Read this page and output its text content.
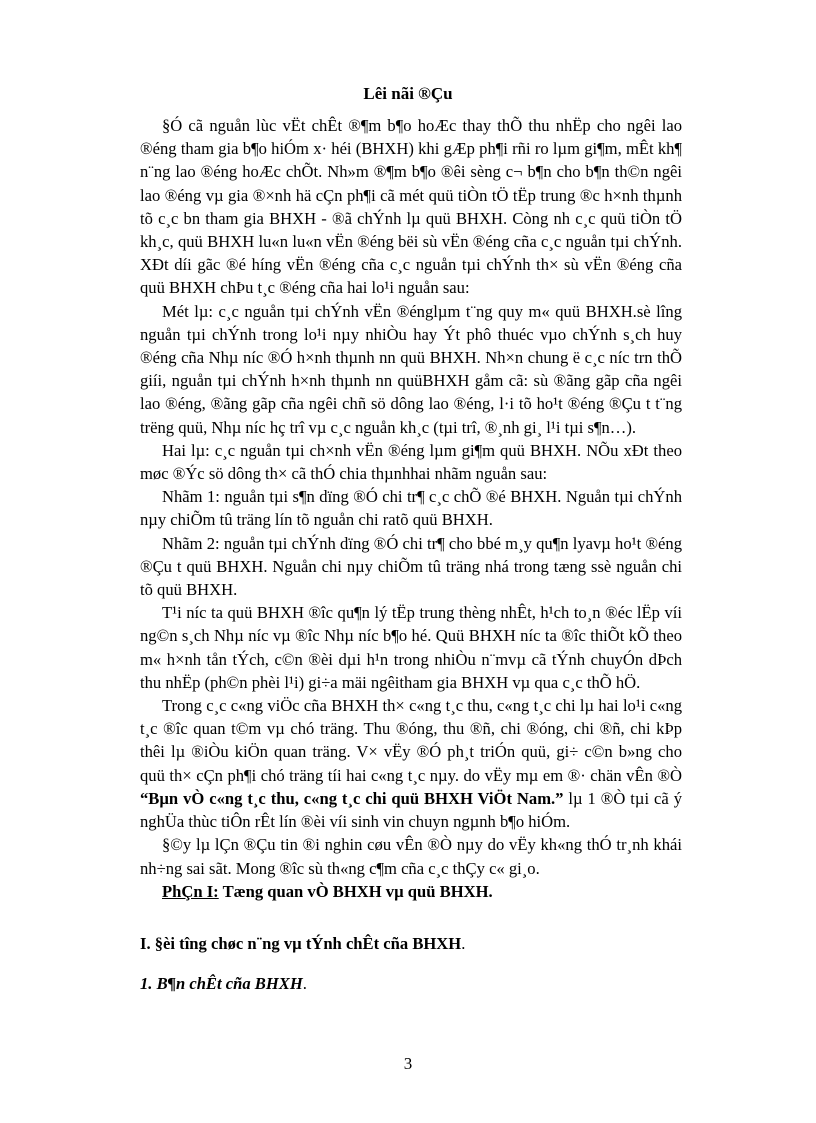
Lêi nãi ®Çu

§Ó cã nguån lùc vËt chÊt ®¶m b¶o hoÆc thay thÕ thu nhËp cho ngêi lao ®éng tham gia b¶o hiÓm x· héi (BHXH) khi gÆp ph¶i rñi ro lµm gi¶m, mÊt kh¶ n¨ng lao ®éng hoÆc chÕt. Nh»m ®¶m b¶o ®êi sèng c¬ b¶n cho b¶n th©n ngêi lao ®éng vµ gia ®×nh hä cÇn ph¶i cã mét quü tiÒn tÖ tËp trung ®c h×nh thµnh tõ c¸c bn tham gia BHXH - ®ã chÝnh lµ quü BHXH. Còng nh c¸c quü tiÒn tÖ kh¸c, quü BHXH lu«n lu«n vËn ®éng bëi sù vËn ®éng cña c¸c nguån tµi chÝnh. XÐt díi gãc ®é híng vËn ®éng cña c¸c nguån tµi chÝnh th× sù vËn ®éng cña quü BHXH chÞu t¸c ®éng cña hai lo¹i nguån sau:

Mét lµ: c¸c nguån tµi chÝnh vËn ®énglµm t¨ng quy m« quü BHXH.sè lîng nguån tµi chÝnh trong lo¹i nµy nhiÒu hay Ýt phô thuéc vµo chÝnh s¸ch huy ®éng cña Nhµ níc ®Ó h×nh thµnh nn quü BHXH. Nh×n chung ë c¸c níc trn thÕ giíi, nguån tµi chÝnh h×nh thµnh nn quüBHXH gåm cã: sù ®ãng gãp cña ngêi lao ®éng, ®ãng gãp cña ngêi chñ sö dông lao ®éng, l·i tõ ho¹t ®éng ®Çu t t¨ng trëng quü, Nhµ níc hç trî vµ c¸c nguån kh¸c (tµi trî, ®¸nh gi¸ l¹i tµi s¶n…).

Hai lµ: c¸c nguån tµi ch×nh vËn ®éng lµm gi¶m quü BHXH. NÕu xÐt theo møc ®Ýc sö dông th× cã thÓ chia thµnhhai nhãm nguån sau:

Nhãm 1: nguån tµi s¶n dïng ®Ó chi tr¶ c¸c chÕ ®é BHXH. Nguån tµi chÝnh nµy chiÕm tû träng lín tõ nguån chi ratõ quü BHXH.

Nhãm 2: nguån tµi chÝnh dïng ®Ó chi tr¶ cho bbé m¸y qu¶n lyavµ ho¹t ®éng ®Çu t quü BHXH. Nguån chi nµy chiÕm tû träng nhá trong tæng ssè nguån chi tõ quü BHXH.

T¹i níc ta quü BHXH ®îc qu¶n lý tËp trung thèng nhÊt, h¹ch to¸n ®éc lËp víi ng©n s¸ch Nhµ níc vµ ®îc Nhµ níc b¶o hé. Quü BHXH níc ta ®îc thiÕt kÕ theo m« h×nh tån tÝch, c©n ®èi dµi h¹n trong nhiÒu n¨mvµ cã tÝnh chuyÓn dÞch thu nhËp (ph©n phèi l¹i) gi÷a mäi ngêitham gia BHXH vµ qua c¸c thÕ hÖ.

Trong c¸c c«ng viÖc cña BHXH th× c«ng t¸c thu, c«ng t¸c chi lµ hai lo¹i c«ng t¸c ®îc quan t©m vµ chó träng. Thu ®óng, thu ®ñ, chi ®óng, chi ®ñ, chi kÞp thêi lµ ®iÒu kiÖn quan träng. V× vËy ®Ó ph¸t triÓn quü, gi÷ c©n b»ng cho quü th× cÇn ph¶i chó träng tíi hai c«ng t¸c nµy. do vËy mµ em ®· chän vÊn ®Ò “Bµn vÒ c«ng t¸c thu, c«ng t¸c chi quü BHXH ViÖt Nam.” lµ 1 ®Ò tµi cã ý nghÜa thùc tiÔn rÊt lín ®èi víi sinh vin chuyn ngµnh b¶o hiÓm.

§©y lµ lÇn ®Çu tin ®i nghin cøu vÊn ®Ò nµy do vËy kh«ng thÓ tr¸nh khái nh÷ng sai sãt. Mong ®îc sù th«ng c¶m cña c¸c thÇy c« gi¸o.

PhÇn I: Tæng quan vÒ BHXH vµ quü BHXH.

I. §èi tîng chøc n¨ng vµ tÝnh chÊt cña BHXH.
1. B¶n chÊt cña BHXH.
3
